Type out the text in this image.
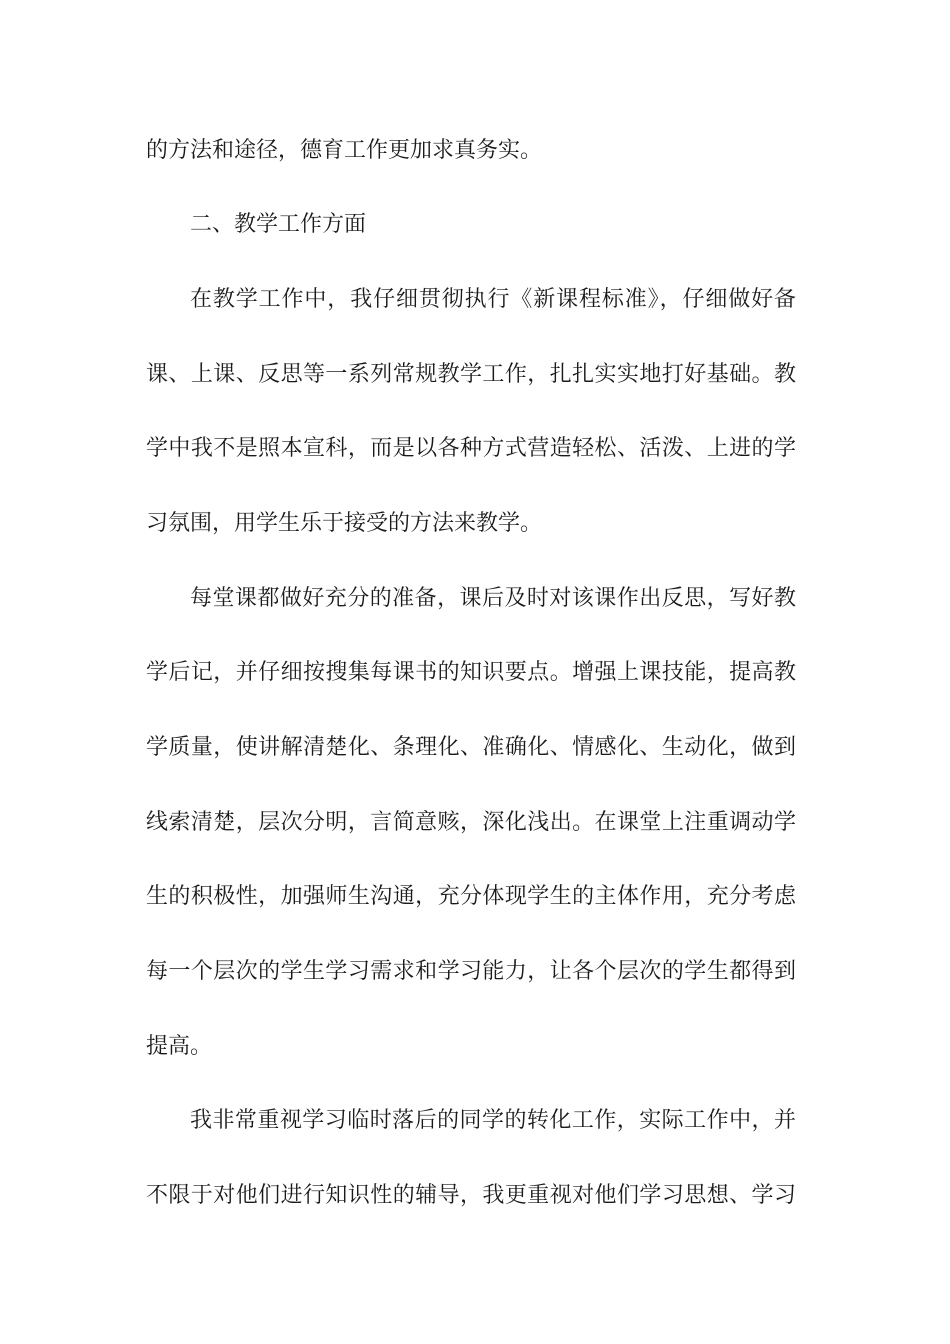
的方法和途径，德育工作更加求真务实。
二、教学工作方面
在教学工作中，我仔细贯彻执行《新课程标准》，仔细做好备
课、上课、反思等一系列常规教学工作，扎扎实实地打好基础。教
学中我不是照本宣科，而是以各种方式营造轻松、活泼、上进的学
习氛围，用学生乐于接受的方法来教学。
每堂课都做好充分的准备，课后及时对该课作出反思，写好教
学后记，并仔细按搜集每课书的知识要点。增强上课技能，提高教
学质量，使讲解清楚化、条理化、准确化、情感化、生动化，做到
线索清楚，层次分明，言简意赅，深化浅出。在课堂上注重调动学
生的积极性，加强师生沟通，充分体现学生的主体作用，充分考虑
每一个层次的学生学习需求和学习能力，让各个层次的学生都得到
提高。
我非常重视学习临时落后的同学的转化工作，实际工作中，并
不限于对他们进行知识性的辅导，我更重视对他们学习思想、学习
